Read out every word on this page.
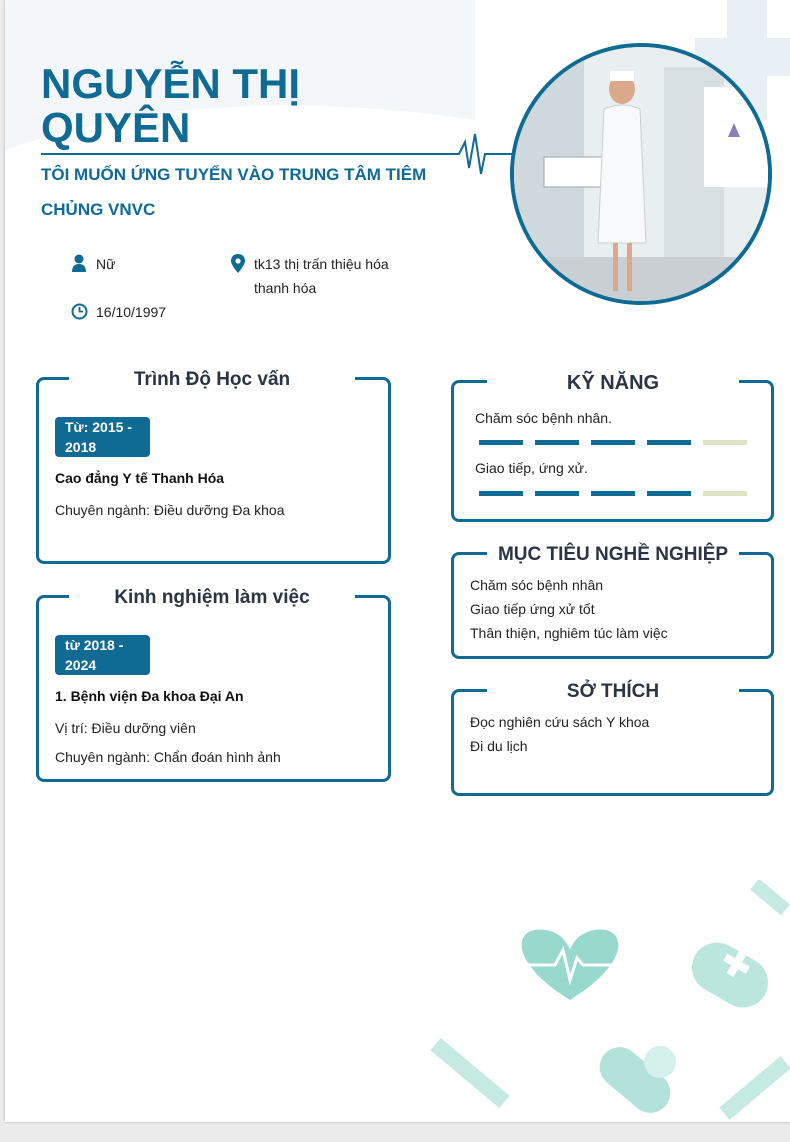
NGUYỄN THỊ QUYÊN
TÔI MUỐN ỨNG TUYỂN VÀO TRUNG TÂM TIÊM CHỦNG VNVC
Nữ	tk13 thị trấn thiệu hóa thanh hóa
16/10/1997
Trình Độ Học vấn
Từ: 2015 - 2018
Cao đẳng Y tế Thanh Hóa
Chuyên ngành: Điều dưỡng Đa khoa
Kinh nghiệm làm việc
từ 2018 - 2024
1. Bệnh viện Đa khoa Đại An
Vị trí: Điều dưỡng viên
Chuyên ngành: Chẩn đoán hình ảnh
KỸ NĂNG
Chăm sóc bệnh nhân.
Giao tiếp, ứng xử.
MỤC TIÊU NGHỀ NGHIỆP
Chăm sóc bệnh nhân
Giao tiếp ứng xử tốt
Thân thiện, nghiêm túc làm việc
SỞ THÍCH
Đọc nghiên cứu sách Y khoa
Đi du lịch
